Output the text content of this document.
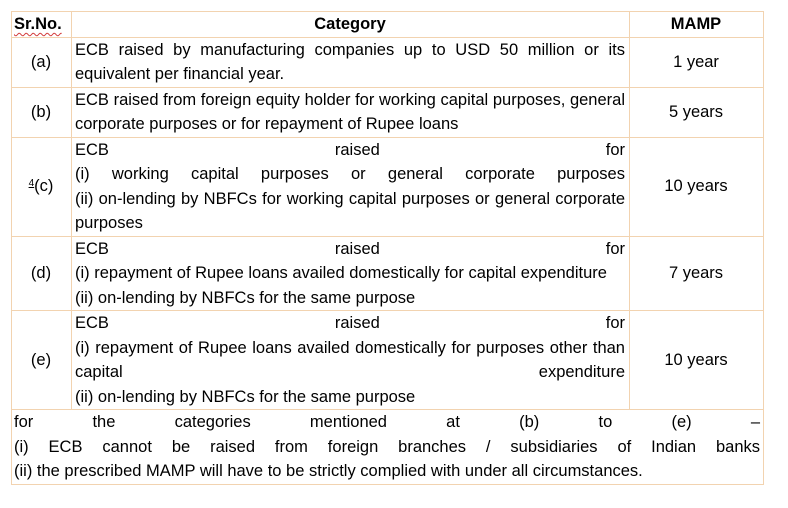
Sr.No.	Category	MAMP
(a)	ECB raised by manufacturing companies up to USD 50 million or its equivalent per financial year.	1 year
(b)	ECB raised from foreign equity holder for working capital purposes, general corporate purposes or for repayment of Rupee loans	5 years
$^4$(c)	ECB raised for
(i) working capital purposes or general corporate purposes
(ii) on-lending by NBFCs for working capital purposes or general corporate purposes	10 years
(d)	ECB raised for
(i) repayment of Rupee loans availed domestically for capital expenditure
(ii) on-lending by NBFCs for the same purpose	7 years
(e)	ECB raised for
(i) repayment of Rupee loans availed domestically for purposes other than capital expenditure
(ii) on-lending by NBFCs for the same purpose	10 years

for the categories mentioned at (b) to (e) –
(i) ECB cannot be raised from foreign branches / subsidiaries of Indian banks
(ii) the prescribed MAMP will have to be strictly complied with under all circumstances.		
